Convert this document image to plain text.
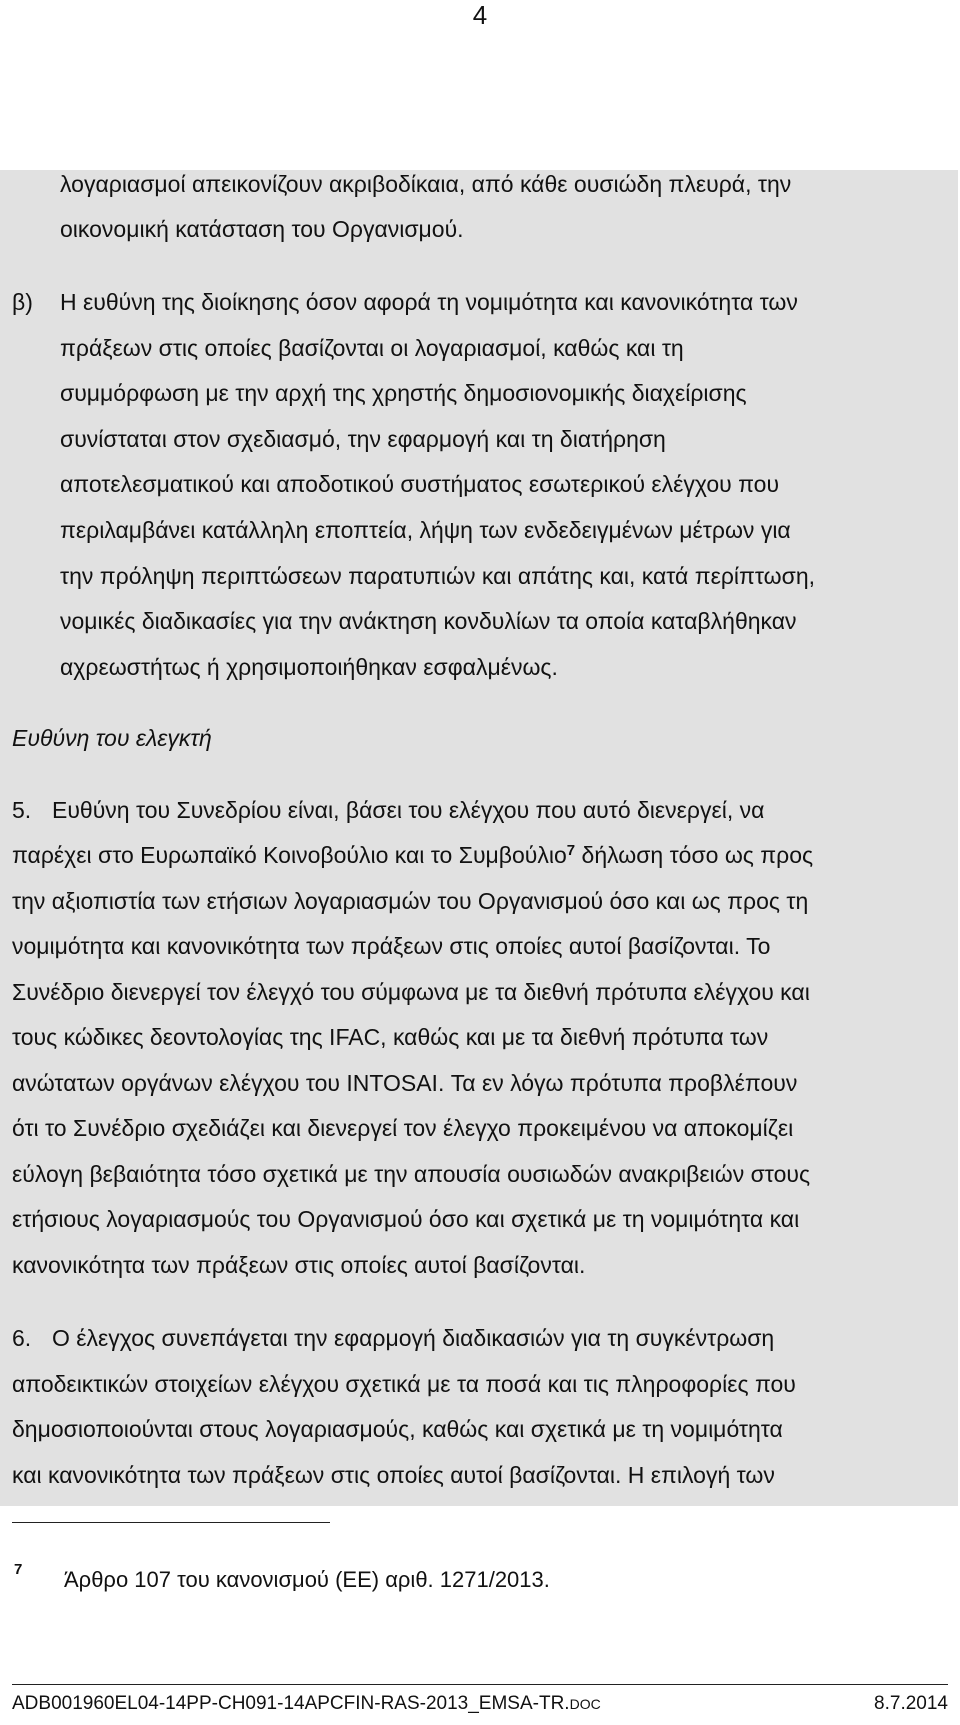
4
λογαριασμοί απεικονίζουν ακριβοδίκαια, από κάθε ουσιώδη πλευρά, την
οικονομική κατάσταση του Οργανισμού.
β) Η ευθύνη της διοίκησης όσον αφορά τη νομιμότητα και κανονικότητα των
πράξεων στις οποίες βασίζονται οι λογαριασμοί, καθώς και τη
συμμόρφωση με την αρχή της χρηστής δημοσιονομικής διαχείρισης
συνίσταται στον σχεδιασμό, την εφαρμογή και τη διατήρηση
αποτελεσματικού και αποδοτικού συστήματος εσωτερικού ελέγχου που
περιλαμβάνει κατάλληλη εποπτεία, λήψη των ενδεδειγμένων μέτρων για
την πρόληψη περιπτώσεων παρατυπιών και απάτης και, κατά περίπτωση,
νομικές διαδικασίες για την ανάκτηση κονδυλίων τα οποία καταβλήθηκαν
αχρεωστήτως ή χρησιμοποιήθηκαν εσφαλμένως.
Ευθύνη του ελεγκτή
5. Ευθύνη του Συνεδρίου είναι, βάσει του ελέγχου που αυτό διενεργεί, να
παρέχει στο Ευρωπαϊκό Κοινοβούλιο και το Συμβούλιο$^7$ δήλωση τόσο ως προς
την αξιοπιστία των ετήσιων λογαριασμών του Οργανισμού όσο και ως προς τη
νομιμότητα και κανονικότητα των πράξεων στις οποίες αυτοί βασίζονται. Το
Συνέδριο διενεργεί τον έλεγχό του σύμφωνα με τα διεθνή πρότυπα ελέγχου και
τους κώδικες δεοντολογίας της IFAC, καθώς και με τα διεθνή πρότυπα των
ανώτατων οργάνων ελέγχου του INTOSAI. Τα εν λόγω πρότυπα προβλέπουν
ότι το Συνέδριο σχεδιάζει και διενεργεί τον έλεγχο προκειμένου να αποκομίζει
εύλογη βεβαιότητα τόσο σχετικά με την απουσία ουσιωδών ανακριβειών στους
ετήσιους λογαριασμούς του Οργανισμού όσο και σχετικά με τη νομιμότητα και
κανονικότητα των πράξεων στις οποίες αυτοί βασίζονται.
6. Ο έλεγχος συνεπάγεται την εφαρμογή διαδικασιών για τη συγκέντρωση
αποδεικτικών στοιχείων ελέγχου σχετικά με τα ποσά και τις πληροφορίες που
δημοσιοποιούνται στους λογαριασμούς, καθώς και σχετικά με τη νομιμότητα
και κανονικότητα των πράξεων στις οποίες αυτοί βασίζονται. Η επιλογή των
7 Άρθρο 107 του κανονισμού (ΕΕ) αριθ. 1271/2013.
ADB001960EL04-14PP-CH091-14APCFIN-RAS-2013_EMSA-TR.DOC	8.7.2014
